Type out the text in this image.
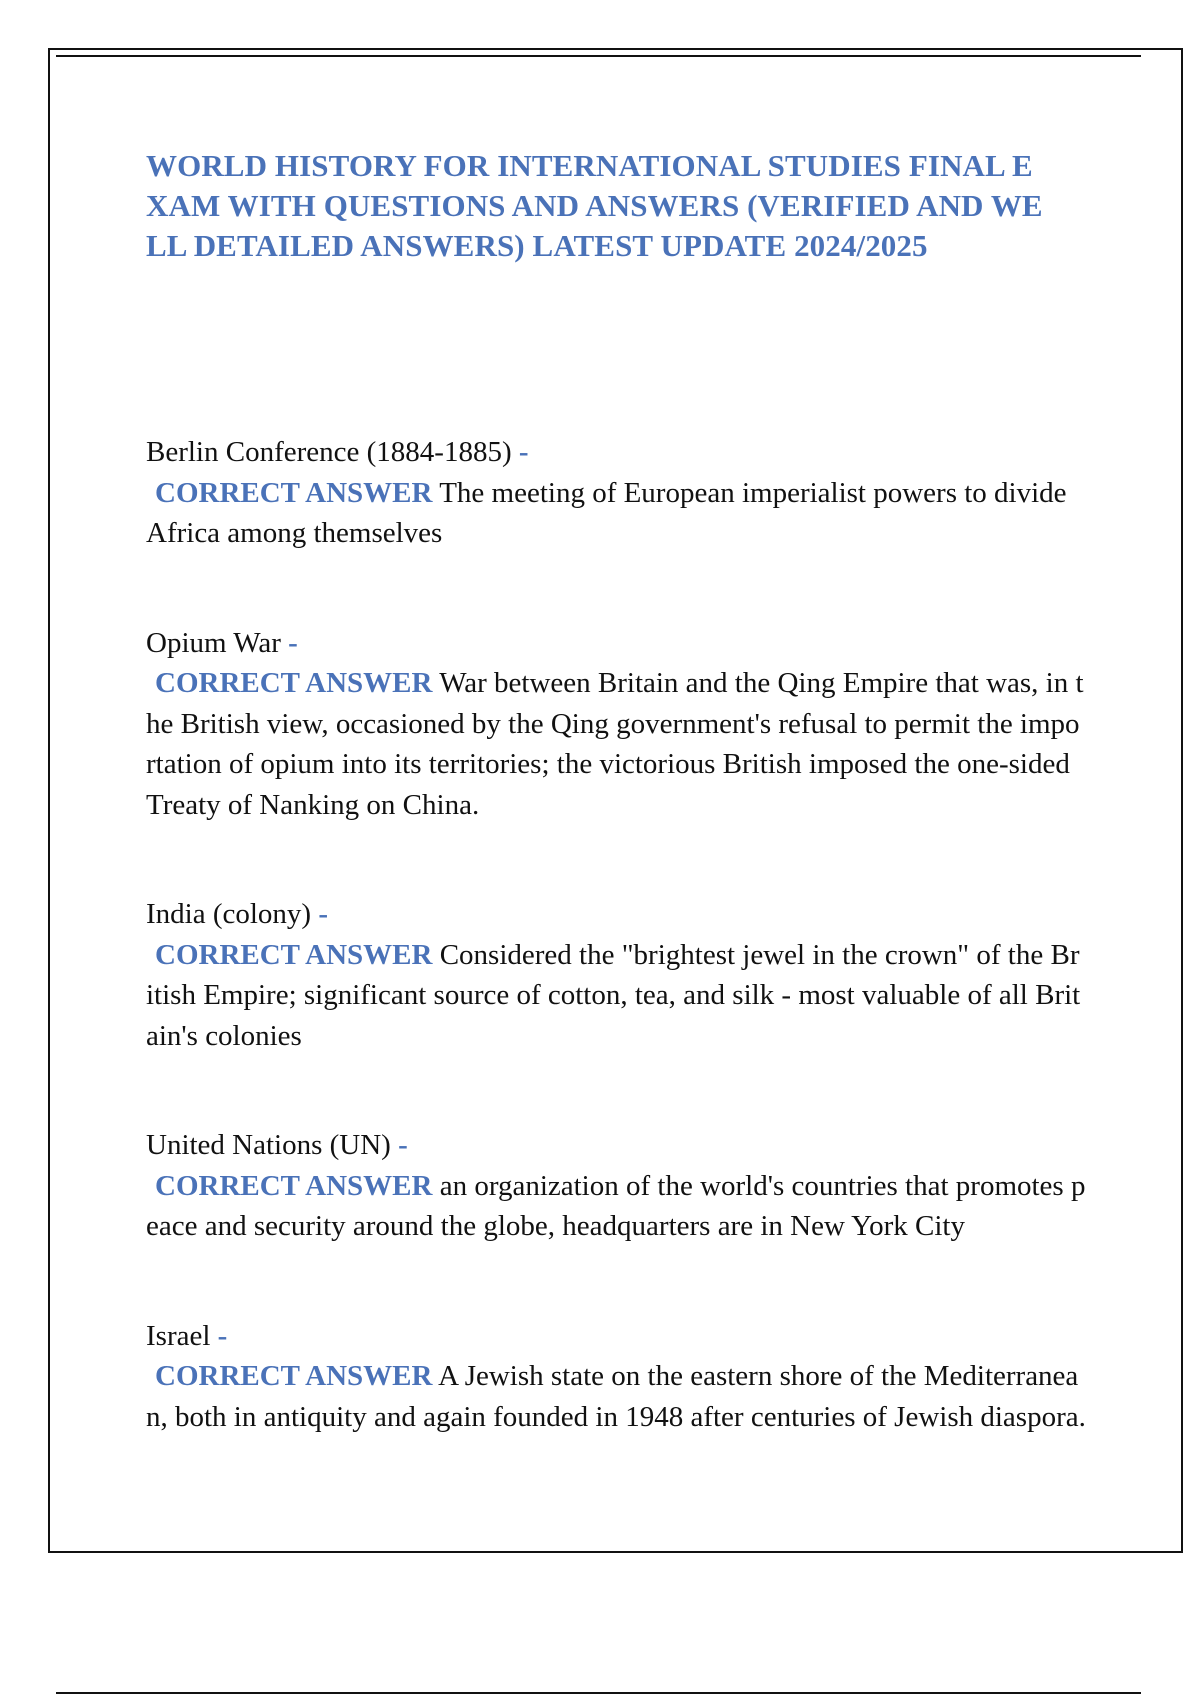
WORLD HISTORY FOR INTERNATIONAL STUDIES FINAL EXAM WITH QUESTIONS AND ANSWERS (VERIFIED AND WELL DETAILED ANSWERS) LATEST UPDATE 2024/2025
Berlin Conference (1884-1885) -
CORRECT ANSWER The meeting of European imperialist powers to divide Africa among themselves
Opium War -
CORRECT ANSWER War between Britain and the Qing Empire that was, in the British view, occasioned by the Qing government's refusal to permit the importation of opium into its territories; the victorious British imposed the one-sided Treaty of Nanking on China.
India (colony) -
CORRECT ANSWER Considered the "brightest jewel in the crown" of the British Empire; significant source of cotton, tea, and silk - most valuable of all Britain's colonies
United Nations (UN) -
CORRECT ANSWER an organization of the world's countries that promotes peace and security around the globe, headquarters are in New York City
Israel -
CORRECT ANSWER A Jewish state on the eastern shore of the Mediterranean, both in antiquity and again founded in 1948 after centuries of Jewish diaspora.
